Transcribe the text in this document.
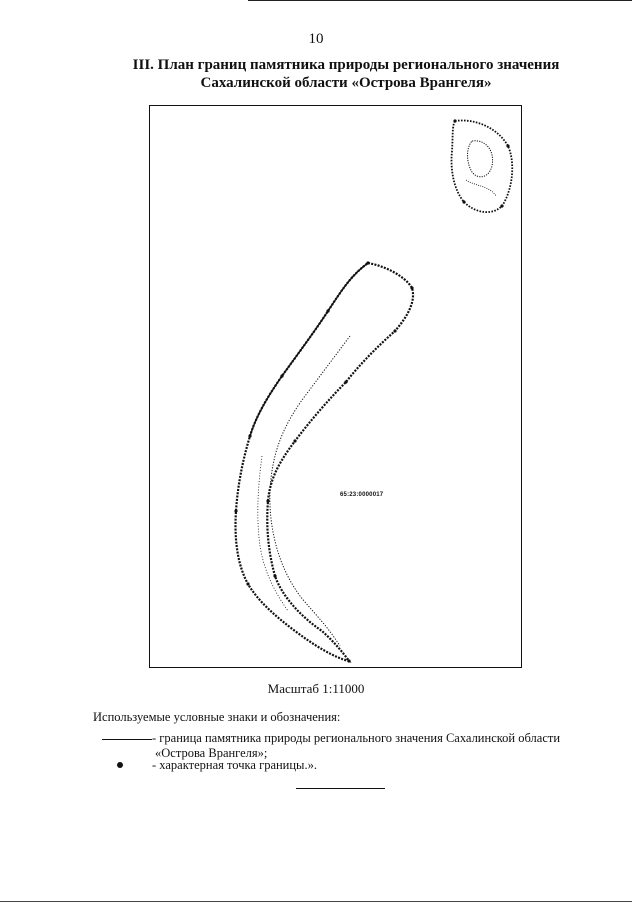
10
III. План границ памятника природы регионального значения
Сахалинской области «Острова Врангеля»
65:23:0000017
Масштаб 1:11000
Используемые условные знаки и обозначения:
- граница памятника природы регионального значения Сахалинской области
«Острова Врангеля»;
- характерная точка границы.».
